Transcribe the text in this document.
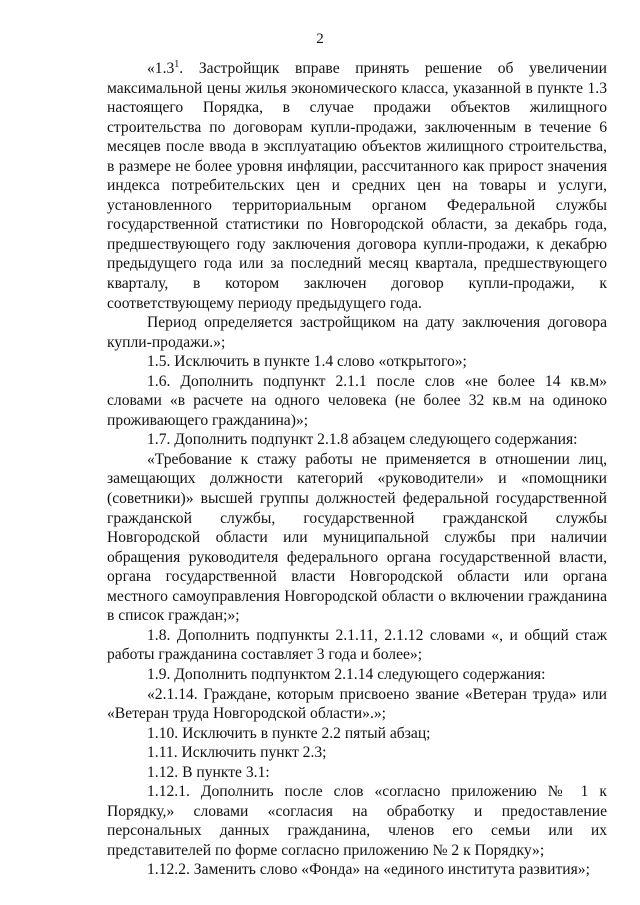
2

«$1.3^1$. Застройщик вправе принять решение об увеличении максимальной цены жилья экономического класса, указанной в пункте 1.3 настоящего Порядка, в случае продажи объектов жилищного строительства по договорам купли-продажи, заключенным в течение 6 месяцев после ввода в эксплуатацию объектов жилищного строительства, в размере не более уровня инфляции, рассчитанного как прирост значения индекса потребительских цен и средних цен на товары и услуги, установленного территориальным органом Федеральной службы государственной статистики по Новгородской области, за декабрь года, предшествующего году заключения договора купли-продажи, к декабрю предыдущего года или за последний месяц квартала, предшествующего кварталу, в котором заключен договор купли-продажи, к соответствующему периоду предыдущего года.

Период определяется застройщиком на дату заключения договора купли-продажи.»;

1.5. Исключить в пункте 1.4 слово «открытого»;

1.6. Дополнить подпункт 2.1.1 после слов «не более 14 кв.м» словами «в расчете на одного человека (не более 32 кв.м на одиноко проживающего гражданина)»;

1.7. Дополнить подпункт 2.1.8 абзацем следующего содержания:

«Требование к стажу работы не применяется в отношении лиц, замещающих должности категорий «руководители» и «помощники (советники)» высшей группы должностей федеральной государственной гражданской службы, государственной гражданской службы Новгородской области или муниципальной службы при наличии обращения руководителя федерального органа государственной власти, органа государственной власти Новгородской области или органа местного самоуправления Новгородской области о включении гражданина в список граждан;»;

1.8. Дополнить подпункты 2.1.11, 2.1.12 словами «, и общий стаж работы гражданина составляет 3 года и более»;

1.9. Дополнить подпунктом 2.1.14 следующего содержания:

«2.1.14. Граждане, которым присвоено звание «Ветеран труда» или «Ветеран труда Новгородской области».»;

1.10. Исключить в пункте 2.2 пятый абзац;

1.11. Исключить пункт 2.3;

1.12. В пункте 3.1:

1.12.1. Дополнить после слов «согласно приложению № 1 к Порядку,» словами «согласия на обработку и предоставление персональных данных гражданина, членов его семьи или их представителей по форме согласно приложению № 2 к Порядку»;

1.12.2. Заменить слово «Фонда» на «единого института развития»;
